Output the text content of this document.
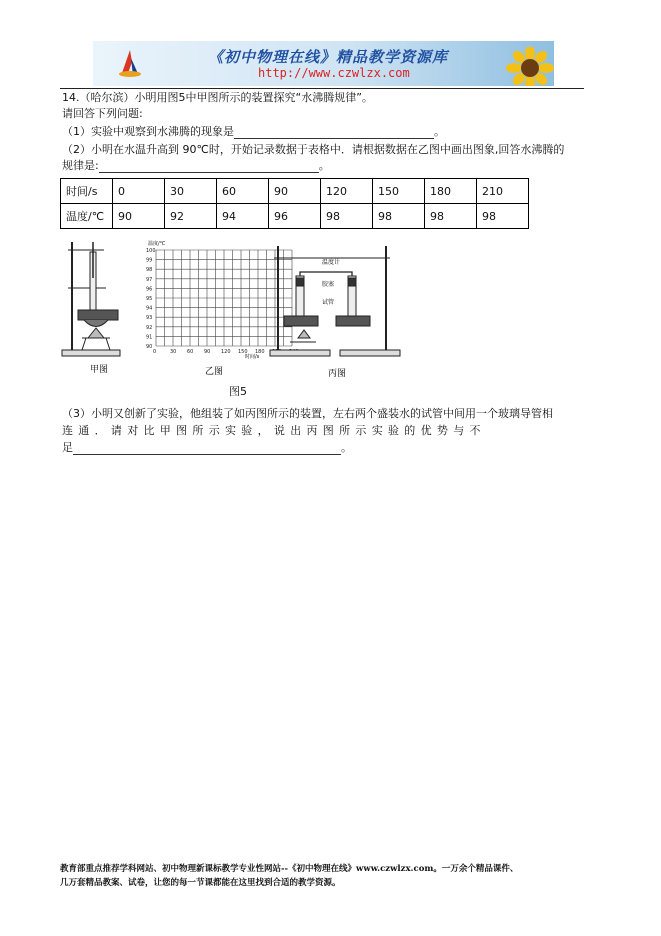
《初中物理在线》精品教学资源库
http://www.czwlzx.com
14.（哈尔滨）小明用图5中甲图所示的装置探究“水沸腾规律”。
请回答下列问题:
（1）实验中观察到水沸腾的现象是	。
（2）小明在水温升高到 90℃时，开始记录数据于表格中．请根据数据在乙图中画出图象,回答水沸腾的
规律是:	。
时间/s	0	30	60	90	120	150	180	210
温度/℃	90	92	94	96	98	98	98	98
甲图
100
99
98
97
96
95
94
93
92
91
90
0	30 60 90 120 150 180
温度/℃
时间/s
乙图
温度计
胶塞
试管
丙图
图5
（3）小明又创新了实验，他组装了如丙图所示的装置，左右两个盛装水的试管中间用一个玻璃导管相
连通．请对比甲图所示实验，说出丙图所示实验的优势与不
足	。
教育部重点推荐学科网站、初中物理新课标教学专业性网站--《初中物理在线》www.czwlzx.com。一万余个精品课件、
几万套精品教案、试卷，让您的每一节课都能在这里找到合适的教学资源。
